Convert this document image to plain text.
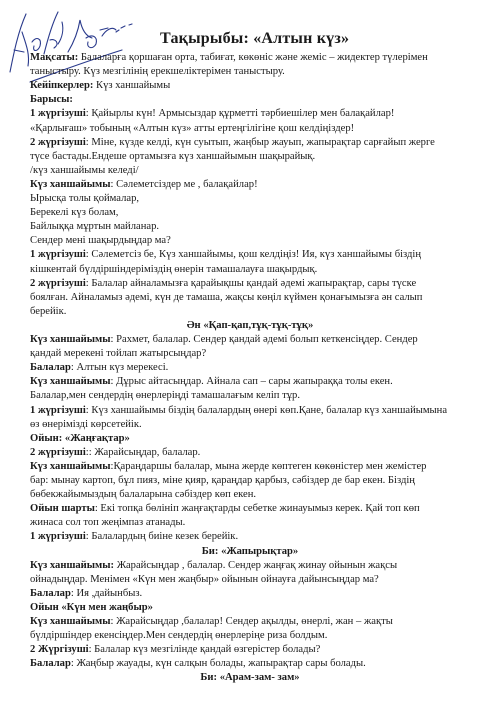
Тақырыбы: «Алтын күз»
Мақсаты: Балаларға қоршаған орта, табиғат, көкөніс және жеміс – жидектер түлерімен
таныстыру. Күз мезгілінің ерекшеліктерімен таныстыру.
Кейіпкерлер: Күз ханшайымы
Барысы:
1 жүргізуші: Қайырлы күн! Армысыздар құрметті тәрбиешілер мен балақайлар!
«Қарлығаш» тобының «Алтын күз» атты ертеңгілігіне қош келдіңіздер!
2 жүргізуші: Міне, күзде келді, күн суытып, жаңбыр жауып, жапырақтар сарғайып жерге
түсе бастады.Ендеше ортамызға күз ханшайымын шақырайық.
/күз ханшайымы келеді/
Күз ханшайымы: Сәлеметсіздер ме , балақайлар!
Ырысқа толы қоймалар,
Берекелі күз болам,
Байлыққа мұртын майланар.
Сендер мені шақырдыңдар ма?
1 жүргізуші: Сәлеметсіз бе, Күз ханшайымы, қош келдіңіз! Ия, күз ханшайымы біздің
кішкентай бүлдіршіндеріміздің өнерін тамашалауға шақырдық.
2 жүргізуші: Балалар айналамызға қарайықшы қандай әдемі жапырақтар, сары түске
боялған. Айналамыз әдемі, күн де тамаша, жақсы көңіл күймен қонағымызға ән салып
берейік.
Ән «Қап-қап,тұқ-тұқ-тұқ»
Күз ханшайымы: Рахмет, балалар. Сендер қандай әдемі болып кеткенсіңдер. Сендер
қандай мерекені тойлап жатырсыңдар?
Балалар: Алтын күз мерекесі.
Күз ханшайымы: Дұрыс айтасыңдар. Айнала сап – сары жапыраққа толы екен.
Балалар,мен сендердің өнерлеріңді тамашалағым келіп тұр.
1 жүргізуші: Күз ханшайымы біздің балалардың өнері көп.Қане, балалар күз ханшайымына
өз өнеріміздi көрсетейік.
Ойын: «Жаңғақтар»
2 жүргізуші:: Жарайсыңдар, балалар.
Күз ханшайымы:Қараңдаршы балалар, мына жерде көптеген көкөністер мен жемістер
бар: мынау картоп, бұл пияз, міне қияр, қараңдар қарбыз, сәбіздер де бар екен. Біздің
бөбекжайымыздың балаларына сәбіздер көп екен.
Ойын шарты: Екі топқа бөлініп жаңғақтарды себетке жинауымыз керек. Қай топ көп
жинаса сол топ жеңімпаз атанады.
1 жүргізуші: Балалардың биіне кезек берейік.
Би: «Жапырықтар»
Күз ханшайымы: Жарайсыңдар , балалар. Сендер жаңғақ жинау ойынын жақсы
ойнадыңдар. Менімен «Күн мен жаңбыр» ойынын ойнауға дайынсыңдар ма?
Балалар: Ия ,дайынбыз.
Ойын «Күн мен жаңбыр»
Күз ханшайымы: Жарайсыңдар ,балалар! Сендер ақылды, өнерлі, жан – жақты
бүлдіршіндер екенсіңдер.Мен сендердің өнерлеріңе риза болдым.
2 Жүргізуші: Балалар күз мезгілінде қандай өзгерістер болады?
Балалар: Жаңбыр жауады, күн салқын болады, жапырақтар сары болады.
Би: «Арам-зам- зам»
